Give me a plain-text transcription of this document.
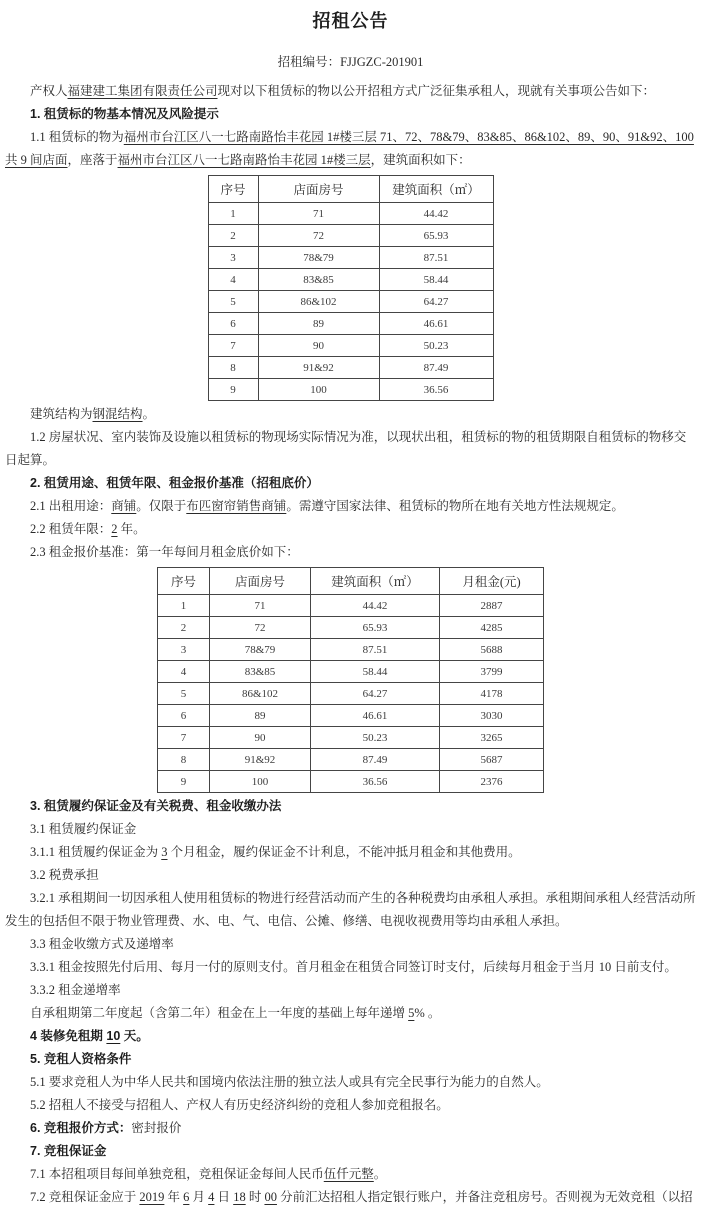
招租公告
招租编号：FJJGZC-201901

产权人福建建工集团有限责任公司现对以下租赁标的物以公开招租方式广泛征集承租人，现就有关事项公告如下：

1. 租赁标的物基本情况及风险提示

1.1 租赁标的物为福州市台江区八一七路南路怡丰花园 1#楼三层 71、72、78&79、83&85、86&102、89、90、91&92、100 共 9 间店面，座落于福州市台江区八一七路南路怡丰花园 1#楼三层，建筑面积如下：

序号	店面房号	建筑面积（㎡）
1	71	44.42
2	72	65.93
3	78&79	87.51
4	83&85	58.44
5	86&102	64.27
6	89	46.61
7	90	50.23
8	91&92	87.49
9	100	36.56

建筑结构为钢混结构。

1.2 房屋状况、室内装饰及设施以租赁标的物现场实际情况为准，以现状出租，租赁标的物的租赁期限自租赁标的物移交日起算。

2. 租赁用途、租赁年限、租金报价基准（招租底价）

2.1 出租用途：商铺。仅限于布匹窗帘销售商铺。需遵守国家法律、租赁标的物所在地有关地方性法规规定。

2.2 租赁年限：2 年。

2.3 租金报价基准：第一年每间月租金底价如下：

序号	店面房号	建筑面积（㎡）	月租金(元)
1	71	44.42	2887
2	72	65.93	4285
3	78&79	87.51	5688
4	83&85	58.44	3799
5	86&102	64.27	4178
6	89	46.61	3030
7	90	50.23	3265
8	91&92	87.49	5687
9	100	36.56	2376

3. 租赁履约保证金及有关税费、租金收缴办法

3.1 租赁履约保证金

3.1.1 租赁履约保证金为 3 个月租金，履约保证金不计利息，不能冲抵月租金和其他费用。

3.2 税费承担

3.2.1 承租期间一切因承租人使用租赁标的物进行经营活动而产生的各种税费均由承租人承担。承租期间承租人经营活动所发生的包括但不限于物业管理费、水、电、气、电信、公摊、修缮、电视收视费用等均由承租人承担。

3.3 租金收缴方式及递增率

3.3.1 租金按照先付后用、每月一付的原则支付。首月租金在租赁合同签订时支付，后续每月租金于当月 10 日前支付。

3.3.2 租金递增率

自承租期第二年度起（含第二年）租金在上一年度的基础上每年递增 5% 。

4 装修免租期 10 天。

5. 竞租人资格条件

5.1 要求竞租人为中华人民共和国境内依法注册的独立法人或具有完全民事行为能力的自然人。

5.2 招租人不接受与招租人、产权人有历史经济纠纷的竞租人参加竞租报名。

6. 竞租报价方式：密封报价

7. 竞租保证金

7.1 本招租项目每间单独竞租，竞租保证金每间人民币伍仟元整。

7.2 竞租保证金应于 2019 年 6 月 4 日 18 时 00 分前汇达招租人指定银行账户，并备注竞租房号。否则视为无效竞租（以招
